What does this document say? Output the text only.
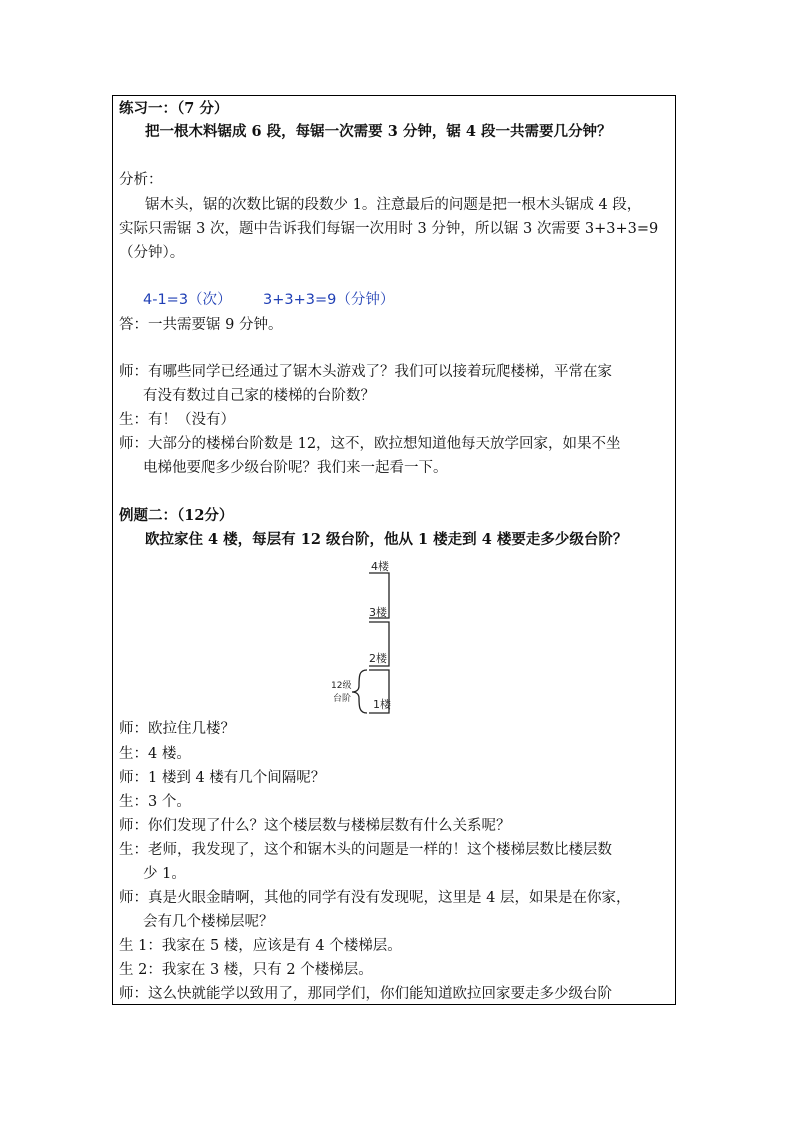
练习一：（7 分）
把一根木料锯成 6 段，每锯一次需要 3 分钟，锯 4 段一共需要几分钟？
分析：
锯木头，锯的次数比锯的段数少 1。注意最后的问题是把一根木头锯成 4 段，
实际只需锯 3 次，题中告诉我们每锯一次用时 3 分钟，所以锯 3 次需要 3+3+3=9
（分钟）。
4-1=3（次）	3+3+3=9（分钟）
答：一共需要锯 9 分钟。
师：有哪些同学已经通过了锯木头游戏了？我们可以接着玩爬楼梯，平常在家
有没有数过自己家的楼梯的台阶数？
生：有！（没有）
师：大部分的楼梯台阶数是 12，这不，欧拉想知道他每天放学回家，如果不坐
电梯他要爬多少级台阶呢？我们来一起看一下。
例题二：（12分）
欧拉家住 4 楼，每层有 12 级台阶，他从 1 楼走到 4 楼要走多少级台阶？
4楼
3楼
2楼
1楼
12级
台阶
师：欧拉住几楼？
生：4 楼。
师：1 楼到 4 楼有几个间隔呢？
生：3 个。
师：你们发现了什么？这个楼层数与楼梯层数有什么关系呢？
生：老师，我发现了，这个和锯木头的问题是一样的！这个楼梯层数比楼层数
少 1。
师：真是火眼金睛啊，其他的同学有没有发现呢，这里是 4 层，如果是在你家，
会有几个楼梯层呢？
生 1：我家在 5 楼，应该是有 4 个楼梯层。
生 2：我家在 3 楼，只有 2 个楼梯层。
师：这么快就能学以致用了，那同学们，你们能知道欧拉回家要走多少级台阶
